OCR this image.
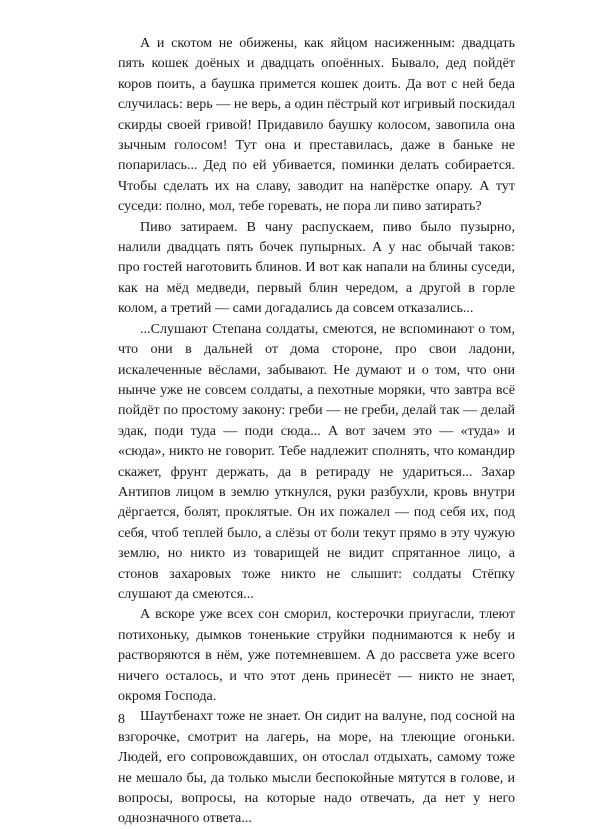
А и скотом не обижены, как яйцом насиженным: двадцать пять кошек доёных и двадцать опоённых. Бывало, дед пойдёт коров поить, а баушка примется кошек доить. Да вот с ней беда случилась: верь — не верь, а один пёстрый кот игривый поскидал скирды своей гривой! Придавило баушку колосом, завопила она зычным голосом! Тут она и преставилась, даже в баньке не попарилась... Дед по ей убивается, поминки делать собирается. Чтобы сделать их на славу, заводит на напёрстке опару. А тут суседи: полно, мол, тебе горевать, не пора ли пиво затирать?

Пиво затираем. В чану распускаем, пиво было пузырно, налили двадцать пять бочек пупырных. А у нас обычай таков: про гостей наготовить блинов. И вот как напали на блины суседи, как на мёд медведи, первый блин чередом, а другой в горле колом, а третий — сами догадались да совсем отказались...

...Слушают Степана солдаты, смеются, не вспоминают о том, что они в дальней от дома стороне, про свои ладони, искалеченные вёслами, забывают. Не думают и о том, что они нынче уже не совсем солдаты, а пехотные моряки, что завтра всё пойдёт по простому закону: греби — не греби, делай так — делай эдак, поди туда — поди сюда... А вот зачем это — «туда» и «сюда», никто не говорит. Тебе надлежит сполнять, что командир скажет, фрунт держать, да в ретираду не удариться... Захар Антипов лицом в землю уткнулся, руки разбухли, кровь внутри дёргается, болят, проклятые. Он их пожалел — под себя их, под себя, чтоб теплей было, а слёзы от боли текут прямо в эту чужую землю, но никто из товарищей не видит спрятанное лицо, а стонов захаровых тоже никто не слышит: солдаты Стёпку слушают да смеются...

А вскоре уже всех сон сморил, костерочки приугасли, тлеют потихоньку, дымков тоненькие струйки поднимаются к небу и растворяются в нём, уже потемневшем. А до рассвета уже всего ничего осталось, и что этот день принесёт — никто не знает, окромя Господа.

Шаутбенахт тоже не знает. Он сидит на валуне, под сосной на взгорочке, смотрит на лагерь, на море, на тлеющие огоньки. Людей, его сопровождавших, он отослал отдыхать, самому тоже не мешало бы, да только мысли беспокойные мятутся в голове, и вопросы, вопросы, на которые надо отвечать, да нет у него однозначного ответа...

8
